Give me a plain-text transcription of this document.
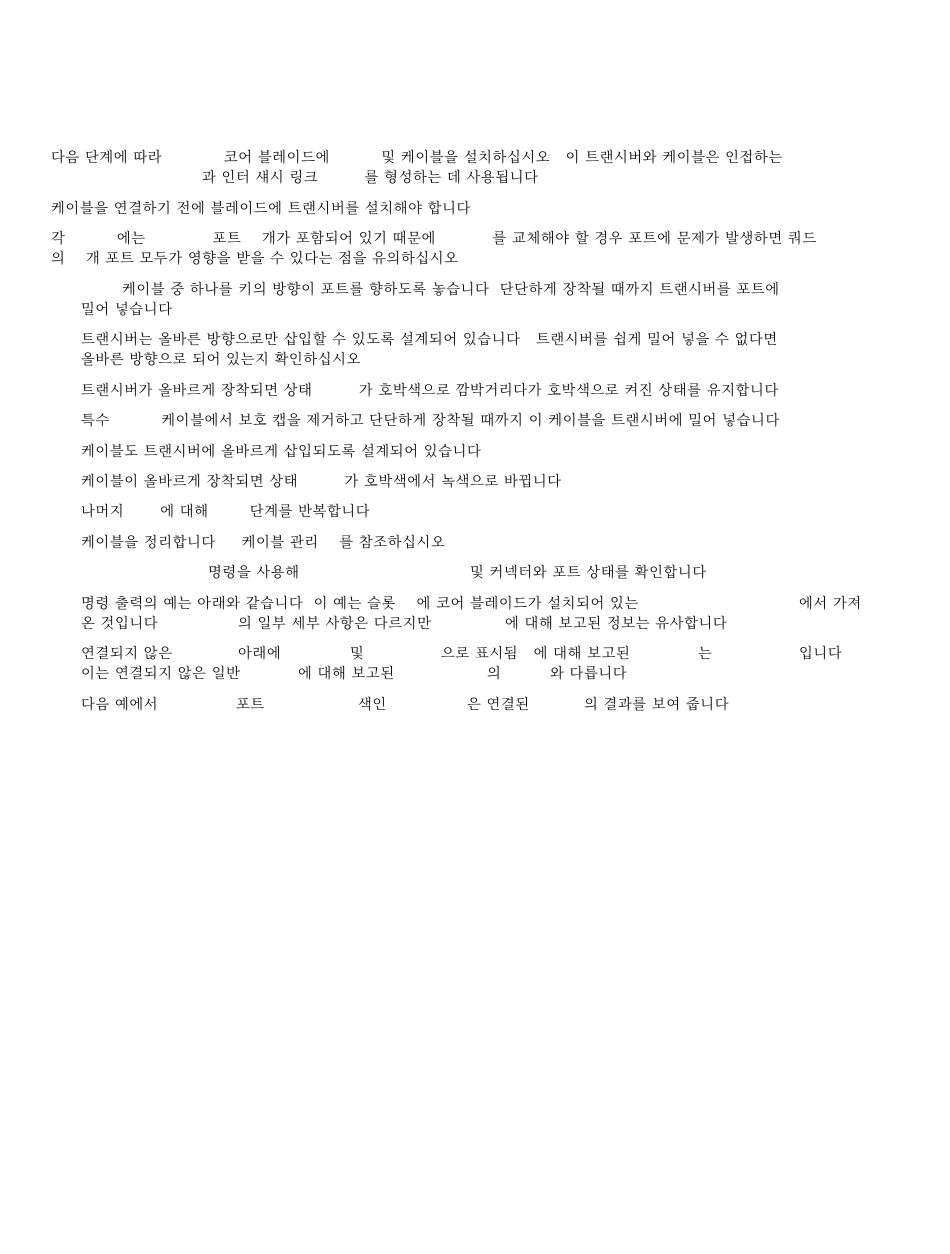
다음 단계에 따라            코어 블레이드에          및 케이블을 설치하십시오   이 트랜시버와 케이블은 인접하는
과 인터 섀시 링크         를 형성하는 데 사용됩니다
케이블을 연결하기 전에 블레이드에 트랜시버를 설치해야 합니다
각          에는             포트    개가 포함되어 있기 때문에           를 교체해야 할 경우 포트에 문제가 발생하면 쿼드
의    개 포트 모두가 영향을 받을 수 있다는 점을 유의하십시오
케이블 중 하나를 키의 방향이 포트를 향하도록 놓습니다  단단하게 장착될 때까지 트랜시버를 포트에
밀어 넣습니다
트랜시버는 올바른 방향으로만 삽입할 수 있도록 설계되어 있습니다   트랜시버를 쉽게 밀어 넣을 수 없다면
올바른 방향으로 되어 있는지 확인하십시오
트랜시버가 올바르게 장착되면 상태         가 호박색으로 깜박거리다가 호박색으로 켜진 상태를 유지합니다
특수          케이블에서 보호 캡을 제거하고 단단하게 장착될 때까지 이 케이블을 트랜시버에 밀어 넣습니다
케이블도 트랜시버에 올바르게 삽입되도록 설계되어 있습니다
케이블이 올바르게 장착되면 상태         가 호박색에서 녹색으로 바뀝니다
나머지       에 대해        단계를 반복합니다
케이블을 정리합니다     케이블 관리    를 참조하십시오
명령을 사용해	및 커넥터와 포트 상태를 확인합니다
명령 출력의 예는 아래와 같습니다  이 예는 슬롯    에 코어 블레이드가 설치되어 있는	에서 가져
온 것입니다	의 일부 세부 사항은 다르지만	에 대해 보고된 정보는 유사합니다
연결되지 않은	아래에	및	으로 표시됨   에 대해 보고된	는	입니다
이는 연결되지 않은 일반	에 대해 보고된	의	와 다릅니다
다음 예에서	포트	색인	은 연결된	의 결과를 보여 줍니다
